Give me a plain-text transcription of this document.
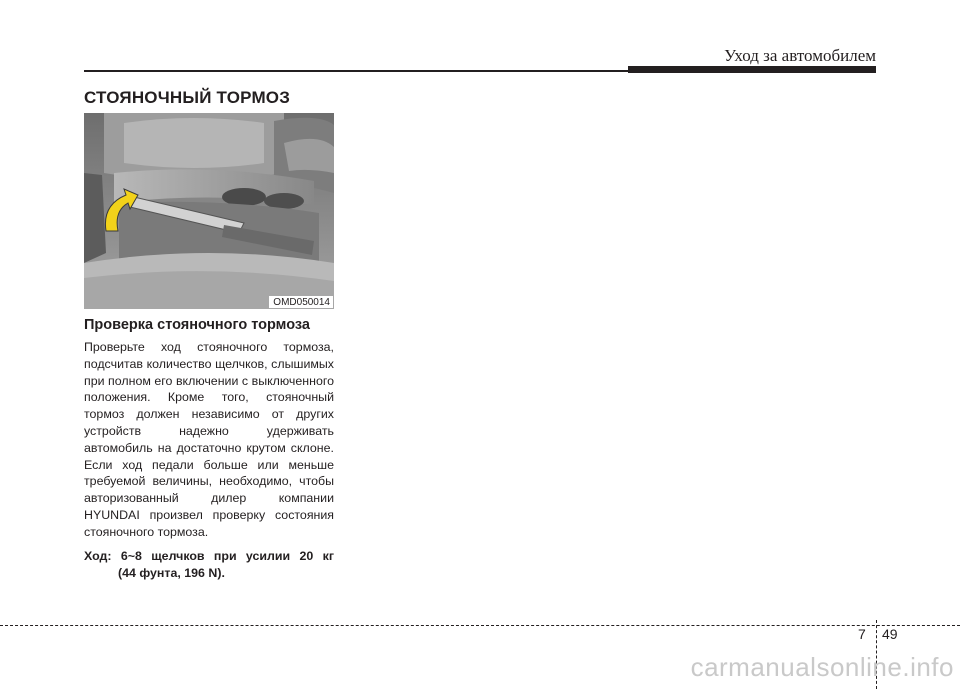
Уход за автомобилем
СТОЯНОЧНЫЙ ТОРМОЗ
OMD050014
Проверка стояночного тормоза
Проверьте ход стояночного тормоза, подсчитав количество щелчков, слышимых при полном его включении с выключенного положения. Кроме того, стояночный тормоз должен независимо от других устройств надежно удерживать автомобиль на достаточно крутом склоне. Если ход педали больше или меньше требуемой величины, необходимо, чтобы авторизованный дилер компании HYUNDAI произвел проверку состояния стояночного тормоза.
Ход: 6~8 щелчков при усилии 20 кг
(44 фунта, 196 N).
7 49
carmanualsonline.info
